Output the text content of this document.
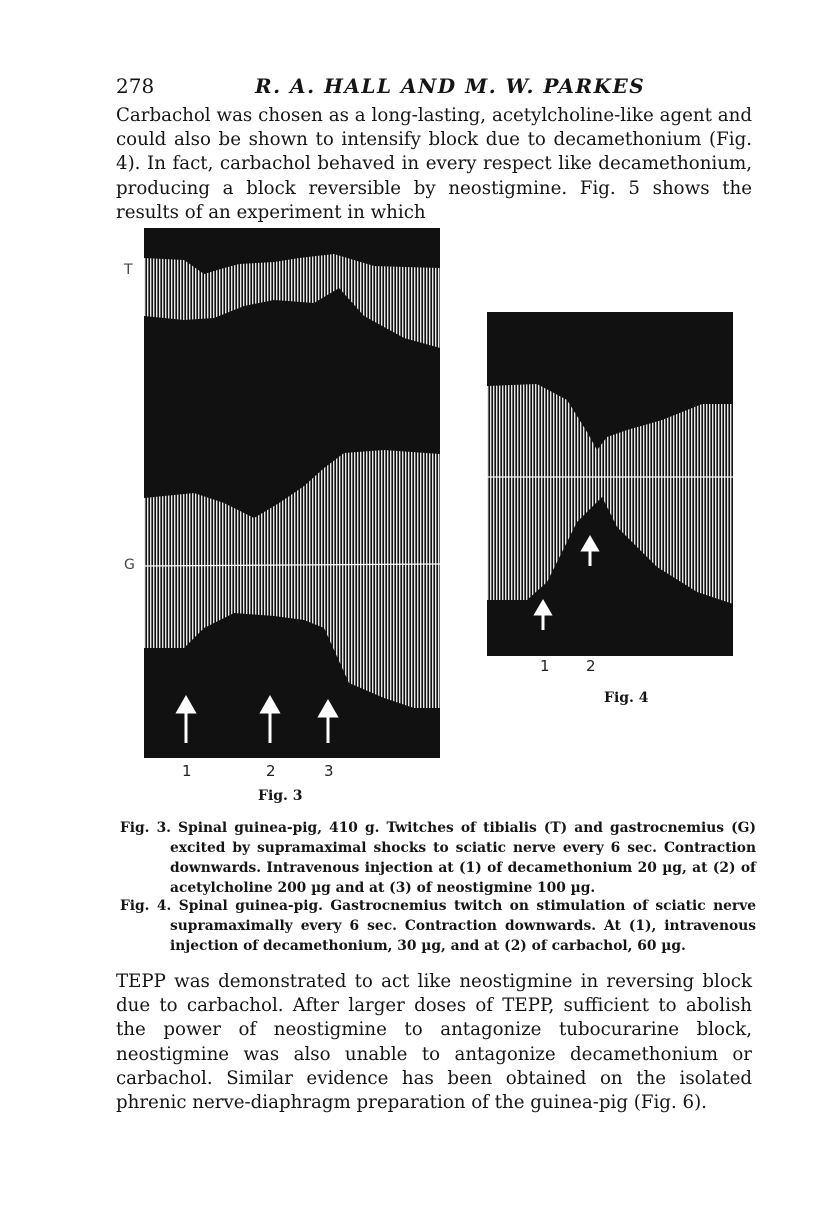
278	R. A. HALL AND M. W. PARKES
Carbachol was chosen as a long-lasting, acetylcholine-like agent and could also be shown to intensify block due to decamethonium (Fig. 4). In fact, carbachol behaved in every respect like decamethonium, producing a block reversible by neostigmine. Fig. 5 shows the results of an experiment in which
T
G
1	2	3
Fig. 3
1 2
Fig. 4
Fig. 3. Spinal guinea-pig, 410 g. Twitches of tibialis (T) and gastrocnemius (G) excited by supramaximal shocks to sciatic nerve every 6 sec. Contraction downwards. Intravenous injection at (1) of decamethonium 20 µg, at (2) of acetylcholine 200 µg and at (3) of neostigmine 100 µg.
Fig. 4. Spinal guinea-pig. Gastrocnemius twitch on stimulation of sciatic nerve supramaximally every 6 sec. Contraction downwards. At (1), intravenous injection of decamethonium, 30 µg, and at (2) of carbachol, 60 µg.
TEPP was demonstrated to act like neostigmine in reversing block due to carbachol. After larger doses of TEPP, sufficient to abolish the power of neostigmine to antagonize tubocurarine block, neostigmine was also unable to antagonize decamethonium or carbachol. Similar evidence has been obtained on the isolated phrenic nerve-diaphragm preparation of the guinea-pig (Fig. 6).
